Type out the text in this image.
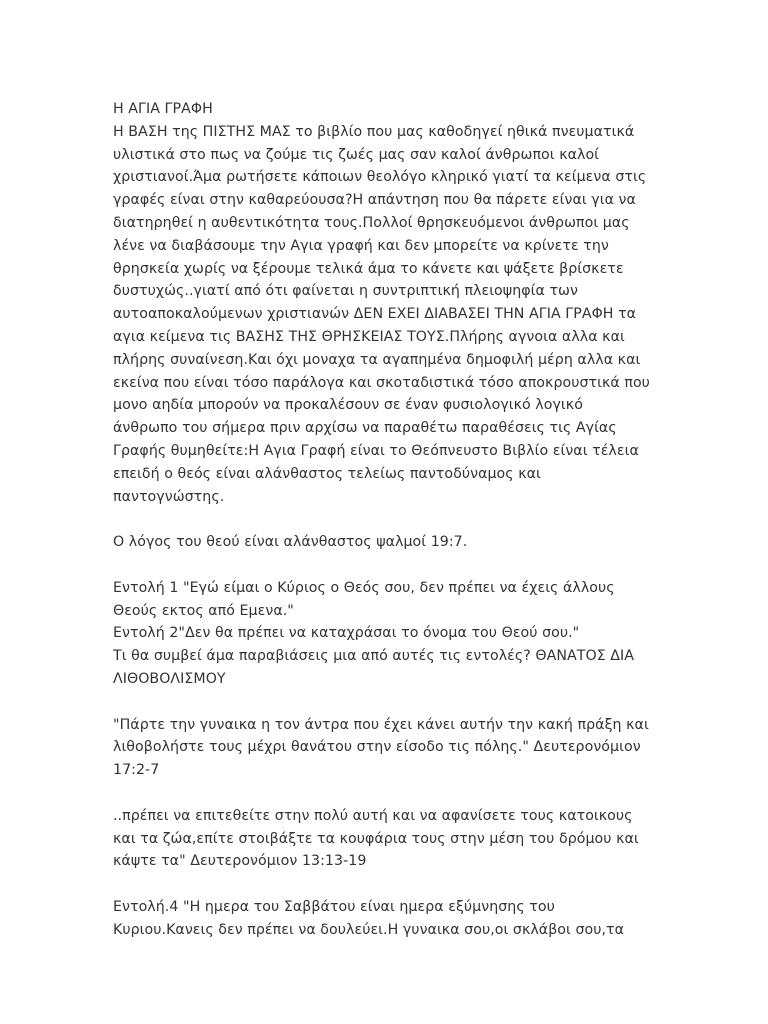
Η ΑΓΙΑ ΓΡΑΦΗ
Η ΒΑΣΗ της ΠΙΣΤΗΣ ΜΑΣ το βιβλίο που μας καθοδηγεί ηθικά πνευματικά
υλιστικά στο πως να ζούμε τις ζωές μας σαν καλοί άνθρωποι καλοί
χριστιανοί.Άμα ρωτήσετε κάποιων θεολόγο κληρικό γιατί τα κείμενα στις
γραφές είναι στην καθαρεύουσα?Η απάντηση που θα πάρετε είναι για να
διατηρηθεί η αυθεντικότητα τους.Πολλοί θρησκευόμενοι άνθρωποι μας
λένε να διαβάσουμε την Αγια γραφή και δεν μπορείτε να κρίνετε την
θρησκεία χωρίς να ξέρουμε τελικά άμα το κάνετε και ψάξετε βρίσκετε
δυστυχώς..γιατί από ότι φαίνεται η συντριπτική πλειοψηφία των
αυτοαποκαλούμενων χριστιανών ΔΕΝ ΕΧΕΙ ΔΙΑΒΑΣΕΙ ΤΗΝ ΑΓΙΑ ΓΡΑΦΗ τα
αγια κείμενα τις ΒΑΣΗΣ ΤΗΣ ΘΡΗΣΚΕΙΑΣ ΤΟΥΣ.Πλήρης αγνοια αλλα και
πλήρης συναίνεση.Και όχι μοναχα τα αγαπημένα δημοφιλή μέρη αλλα και
εκείνα που είναι τόσο παράλογα και σκοταδιστικά τόσο αποκρουστικά που
μονο αηδία μπορούν να προκαλέσουν σε έναν φυσιολογικό λογικό
άνθρωπο του σήμερα πριν αρχίσω να παραθέτω παραθέσεις τις Αγίας
Γραφής θυμηθείτε:Η Αγια Γραφή είναι το Θεόπνευστο Βιβλίο είναι τέλεια
επειδή ο θεός είναι αλάνθαστος τελείως παντοδύναμος και
παντογνώστης.
Ο λόγος του θεού είναι αλάνθαστος ψαλμοί 19:7.
Εντολή 1 "Εγώ είμαι ο Κύριος ο Θεός σου, δεν πρέπει να έχεις άλλους
Θεούς εκτος από Εμενα."
Εντολή 2"Δεν θα πρέπει να καταχράσαι το όνομα του Θεού σου."
Τι θα συμβεί άμα παραβιάσεις μια από αυτές τις εντολές? ΘΑΝΑΤΟΣ ΔΙΑ
ΛΙΘΟΒΟΛΙΣΜΟΥ
"Πάρτε την γυναικα η τον άντρα που έχει κάνει αυτήν την κακή πράξη και
λιθοβολήστε τους μέχρι θανάτου στην είσοδο τις πόλης." Δευτερονόμιον
17:2-7
..πρέπει να επιτεθείτε στην πολύ αυτή και να αφανίσετε τους κατοικους
και τα ζώα,επίτε στοιβάξτε τα κουφάρια τους στην μέση του δρόμου και
κάψτε τα" Δευτερονόμιον 13:13-19
Εντολή.4 "Η ημερα του Σαββάτου είναι ημερα εξύμνησης του
Κυριου.Κανεις δεν πρέπει να δουλεύει.Η γυναικα σου,οι σκλάβοι σου,τα
